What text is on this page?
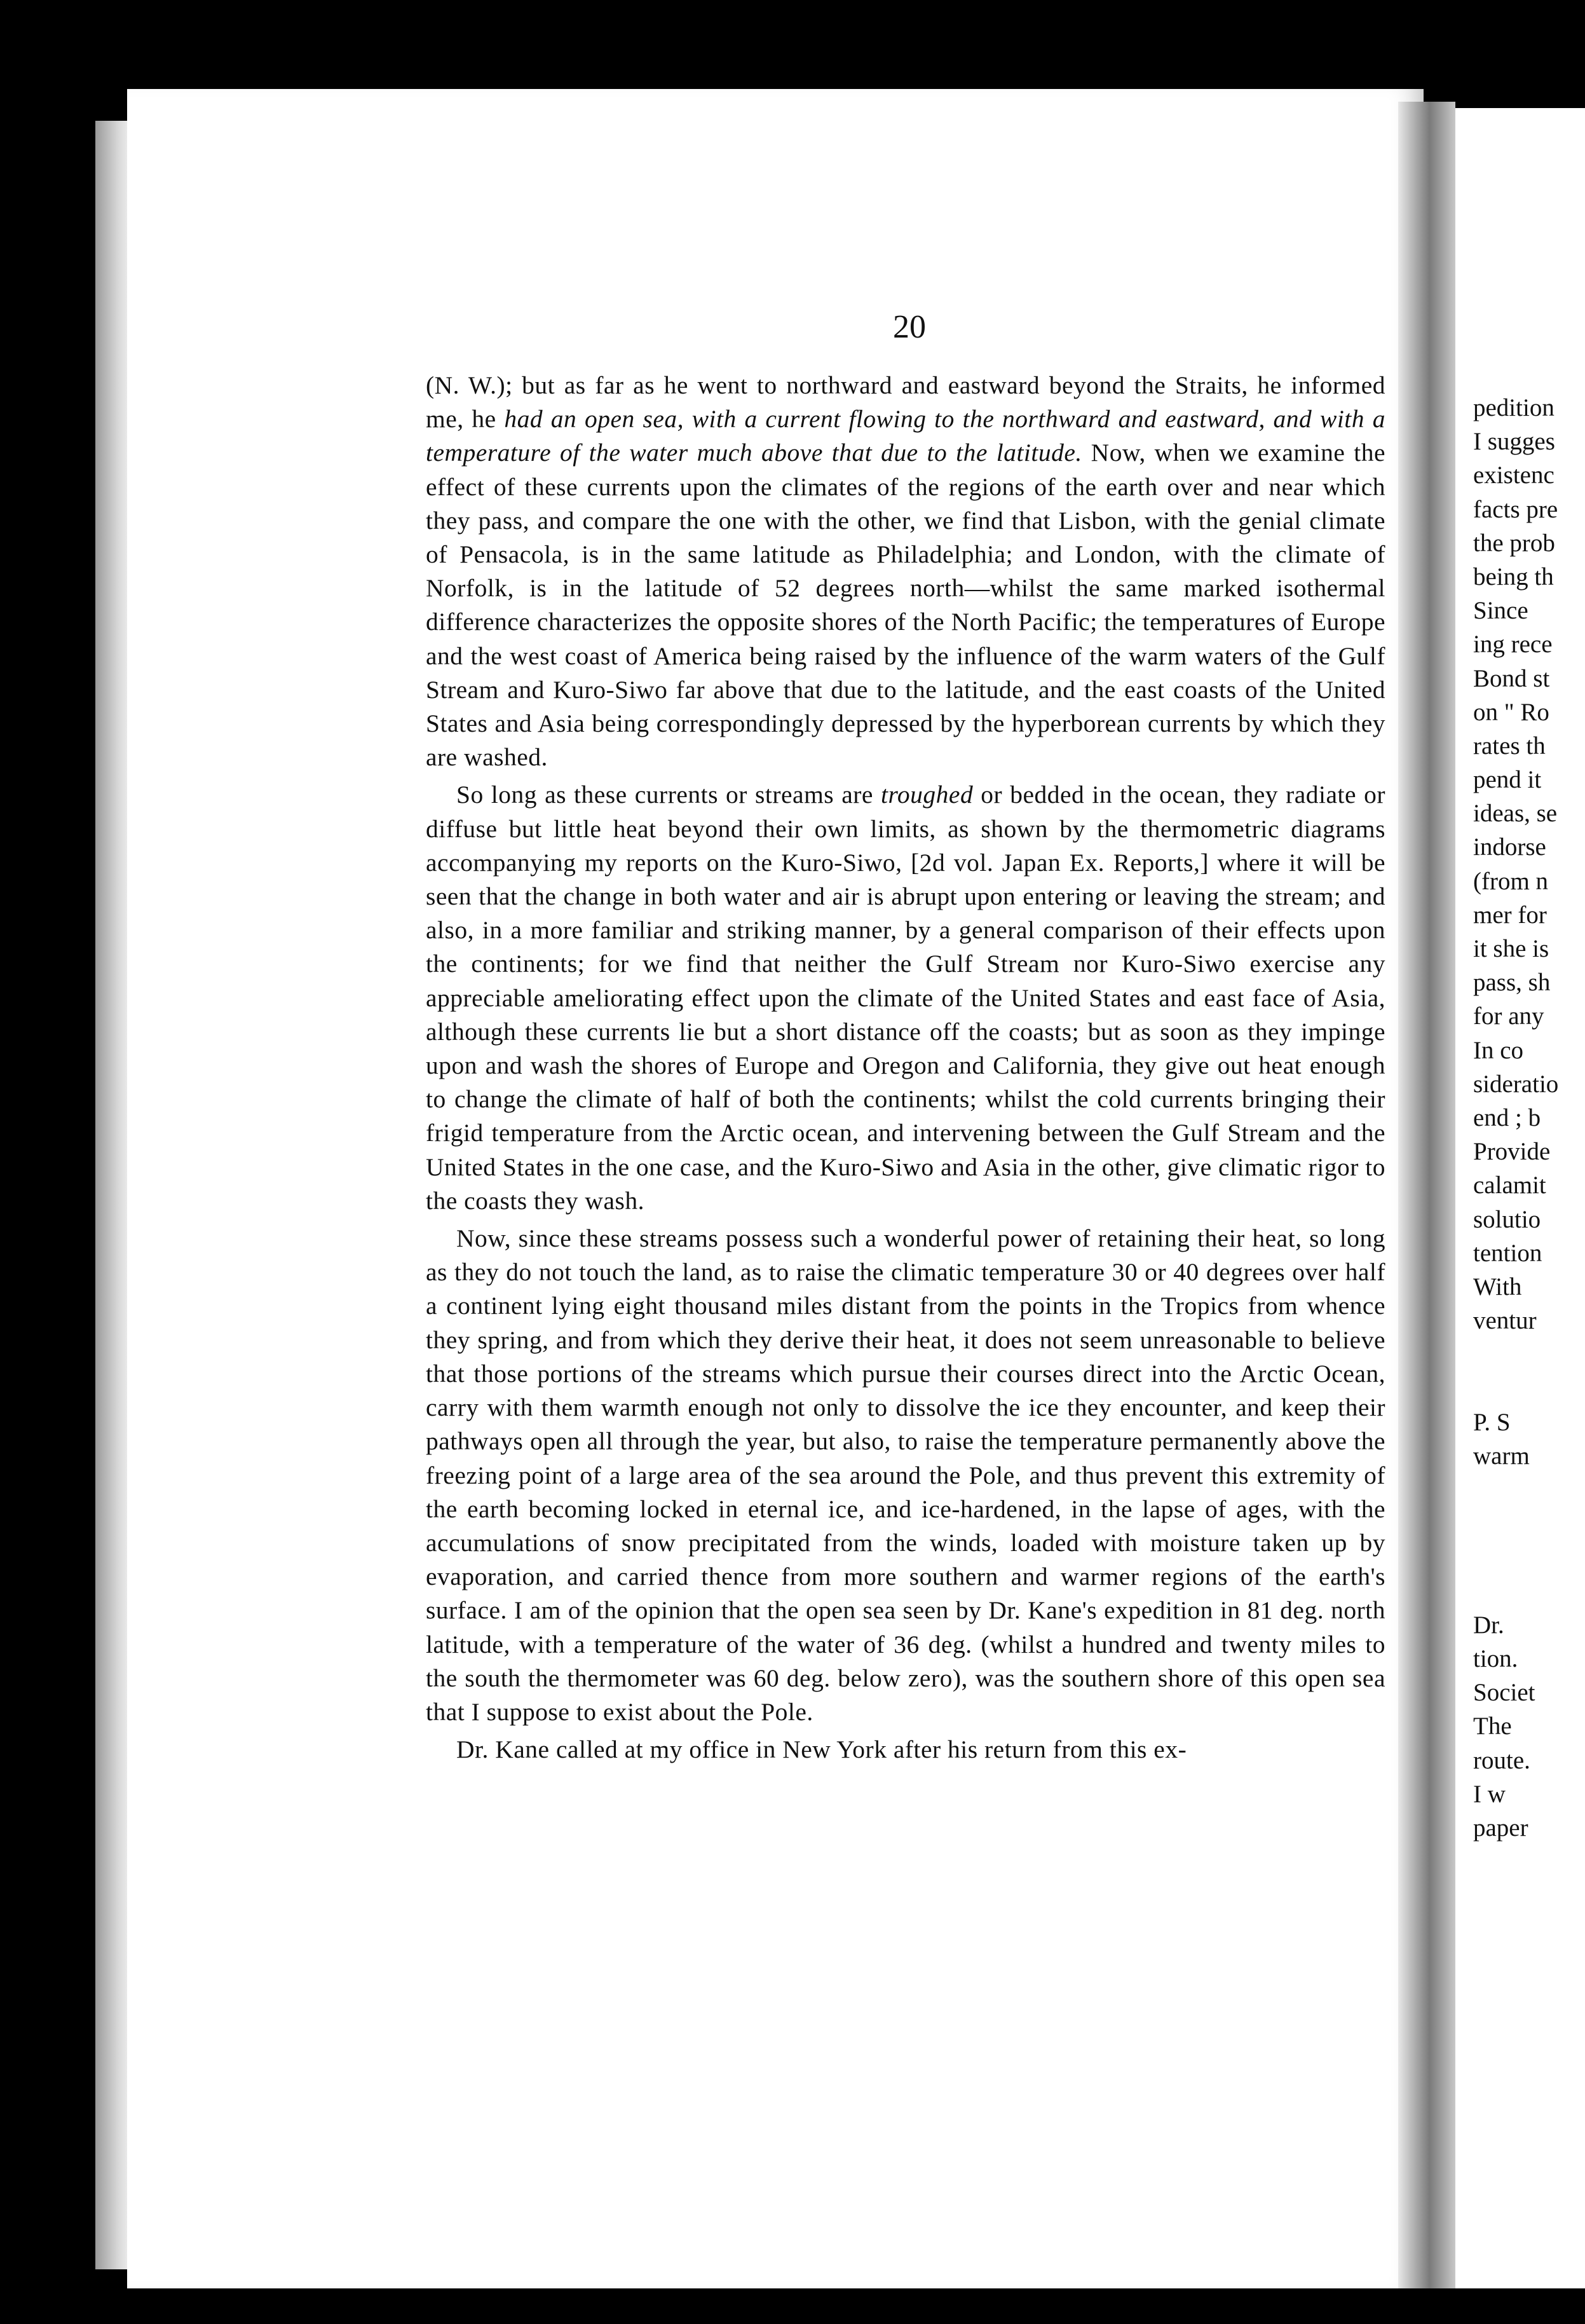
pedition
I sugges
existenc
facts pre
the prob
being th
Since
ing rece
Bond st
on " Ro
rates th
pend it
ideas, se
indorse
(from n
mer for
it she is
pass, sh
for any
In co
sideratio
end ; b
Provide
calamit
solutio
tention
With
ventur
P. S
warm
Dr.
tion.
Societ
The
route.
I w
paper
20

(N. W.); but as far as he went to northward and eastward beyond the Straits, he informed me, he had an open sea, with a current flowing to the northward and eastward, and with a temperature of the water much above that due to the latitude. Now, when we examine the effect of these currents upon the climates of the regions of the earth over and near which they pass, and compare the one with the other, we find that Lisbon, with the genial climate of Pensacola, is in the same latitude as Philadelphia; and London, with the climate of Norfolk, is in the latitude of 52 degrees north—whilst the same marked isothermal difference characterizes the opposite shores of the North Pacific; the temperatures of Europe and the west coast of America being raised by the influence of the warm waters of the Gulf Stream and Kuro-Siwo far above that due to the latitude, and the east coasts of the United States and Asia being correspondingly depressed by the hyperborean currents by which they are washed.

So long as these currents or streams are troughed or bedded in the ocean, they radiate or diffuse but little heat beyond their own limits, as shown by the thermometric diagrams accompanying my reports on the Kuro-Siwo, [2d vol. Japan Ex. Reports,] where it will be seen that the change in both water and air is abrupt upon entering or leaving the stream; and also, in a more familiar and striking manner, by a general comparison of their effects upon the continents; for we find that neither the Gulf Stream nor Kuro-Siwo exercise any appreciable ameliorating effect upon the climate of the United States and east face of Asia, although these currents lie but a short distance off the coasts; but as soon as they impinge upon and wash the shores of Europe and Oregon and California, they give out heat enough to change the climate of half of both the continents; whilst the cold currents bringing their frigid temperature from the Arctic ocean, and intervening between the Gulf Stream and the United States in the one case, and the Kuro-Siwo and Asia in the other, give climatic rigor to the coasts they wash.

Now, since these streams possess such a wonderful power of retaining their heat, so long as they do not touch the land, as to raise the climatic temperature 30 or 40 degrees over half a continent lying eight thousand miles distant from the points in the Tropics from whence they spring, and from which they derive their heat, it does not seem unreasonable to believe that those portions of the streams which pursue their courses direct into the Arctic Ocean, carry with them warmth enough not only to dissolve the ice they encounter, and keep their pathways open all through the year, but also, to raise the temperature permanently above the freezing point of a large area of the sea around the Pole, and thus prevent this extremity of the earth becoming locked in eternal ice, and ice-hardened, in the lapse of ages, with the accumulations of snow precipitated from the winds, loaded with moisture taken up by evaporation, and carried thence from more southern and warmer regions of the earth's surface. I am of the opinion that the open sea seen by Dr. Kane's expedition in 81 deg. north latitude, with a temperature of the water of 36 deg. (whilst a hundred and twenty miles to the south the thermometer was 60 deg. below zero), was the southern shore of this open sea that I suppose to exist about the Pole.

Dr. Kane called at my office in New York after his return from this ex-
